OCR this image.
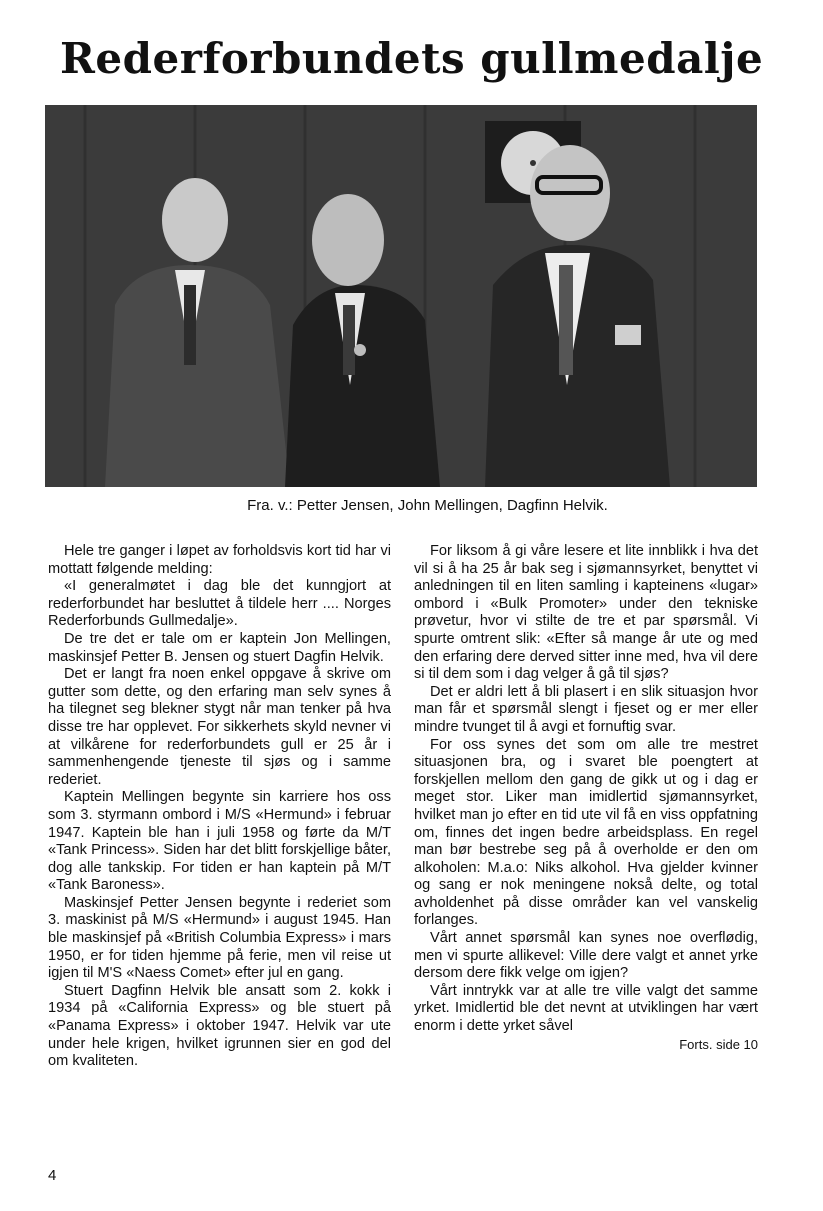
Rederforbundets gullmedalje
Fra. v.: Petter Jensen, John Mellingen, Dagfinn Helvik.

Hele tre ganger i løpet av forholdsvis kort tid har vi mottatt følgende melding:

«I generalmøtet i dag ble det kunngjort at rederforbundet har besluttet å tildele herr .... Norges Rederforbunds Gullmedalje».

De tre det er tale om er kaptein Jon Mellingen, maskinsjef Petter B. Jensen og stuert Dagfin Helvik.

Det er langt fra noen enkel oppgave å skrive om gutter som dette, og den erfaring man selv synes å ha tilegnet seg blekner stygt når man tenker på hva disse tre har opplevet. For sikkerhets skyld nevner vi at vilkårene for rederforbundets gull er 25 år i sammenhengende tjeneste til sjøs og i samme rederiet.

Kaptein Mellingen begynte sin karriere hos oss som 3. styrmann ombord i M/S «Hermund» i februar 1947. Kaptein ble han i juli 1958 og førte da M/T «Tank Princess». Siden har det blitt forskjellige båter, dog alle tankskip. For tiden er han kaptein på M/T «Tank Baroness».

Maskinsjef Petter Jensen begynte i rederiet som 3. maskinist på M/S «Hermund» i august 1945. Han ble maskinsjef på «British Columbia Express» i mars 1950, er for tiden hjemme på ferie, men vil reise ut igjen til M'S «Naess Comet» efter jul en gang.

Stuert Dagfinn Helvik ble ansatt som 2. kokk i 1934 på «California Express» og ble stuert på «Panama Express» i oktober 1947. Helvik var ute under hele krigen, hvilket igrunnen sier en god del om kvaliteten.

For liksom å gi våre lesere et lite innblikk i hva det vil si å ha 25 år bak seg i sjømannsyrket, benyttet vi anledningen til en liten samling i kapteinens «lugar» ombord i «Bulk Promoter» under den tekniske prøvetur, hvor vi stilte de tre et par spørsmål. Vi spurte omtrent slik: «Efter så mange år ute og med den erfaring dere derved sitter inne med, hva vil dere si til dem som i dag velger å gå til sjøs?

Det er aldri lett å bli plasert i en slik situasjon hvor man får et spørsmål slengt i fjeset og er mer eller mindre tvunget til å avgi et fornuftig svar.

For oss synes det som om alle tre mestret situasjonen bra, og i svaret ble poengtert at forskjellen mellom den gang de gikk ut og i dag er meget stor. Liker man imidlertid sjømannsyrket, hvilket man jo efter en tid ute vil få en viss oppfatning om, finnes det ingen bedre arbeidsplass. En regel man bør bestrebe seg på å overholde er den om alkoholen: M.a.o: Niks alkohol. Hva gjelder kvinner og sang er nok meningene nokså delte, og total avholdenhet på disse områder kan vel vanskelig forlanges.

Vårt annet spørsmål kan synes noe overflødig, men vi spurte allikevel: Ville dere valgt et annet yrke dersom dere fikk velge om igjen?

Vårt inntrykk var at alle tre ville valgt det samme yrket. Imidlertid ble det nevnt at utviklingen har vært enorm i dette yrket såvel

Forts. side 10
4
